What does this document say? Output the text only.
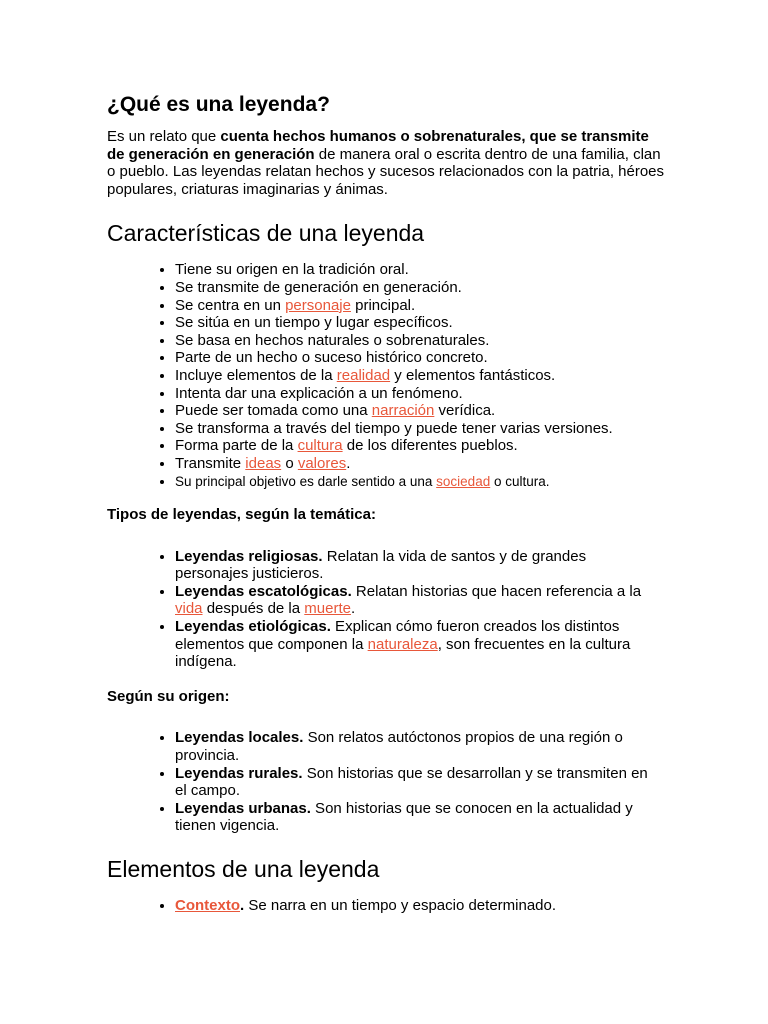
¿Qué es una leyenda?

Es un relato que cuenta hechos humanos o sobrenaturales, que se transmite de generación en generación de manera oral o escrita dentro de una familia, clan o pueblo. Las leyendas relatan hechos y sucesos relacionados con la patria, héroes populares, criaturas imaginarias y ánimas.

Características de una leyenda
• Tiene su origen en la tradición oral.
• Se transmite de generación en generación.
• Se centra en un personaje principal.
• Se sitúa en un tiempo y lugar específicos.
• Se basa en hechos naturales o sobrenaturales.
• Parte de un hecho o suceso histórico concreto.
• Incluye elementos de la realidad y elementos fantásticos.
• Intenta dar una explicación a un fenómeno.
• Puede ser tomada como una narración verídica.
• Se transforma a través del tiempo y puede tener varias versiones.
• Forma parte de la cultura de los diferentes pueblos.
• Transmite ideas o valores.
• Su principal objetivo es darle sentido a una sociedad o cultura.

Tipos de leyendas, según la temática:

• Leyendas religiosas. Relatan la vida de santos y de grandes personajes justicieros.
• Leyendas escatológicas. Relatan historias que hacen referencia a la vida después de la muerte.
• Leyendas etiológicas. Explican cómo fueron creados los distintos elementos que componen la naturaleza, son frecuentes en la cultura indígena.

Según su origen:

• Leyendas locales. Son relatos autóctonos propios de una región o provincia.
• Leyendas rurales. Son historias que se desarrollan y se transmiten en el campo.
• Leyendas urbanas. Son historias que se conocen en la actualidad y tienen vigencia.
Elementos de una leyenda
• Contexto. Se narra en un tiempo y espacio determinado.
